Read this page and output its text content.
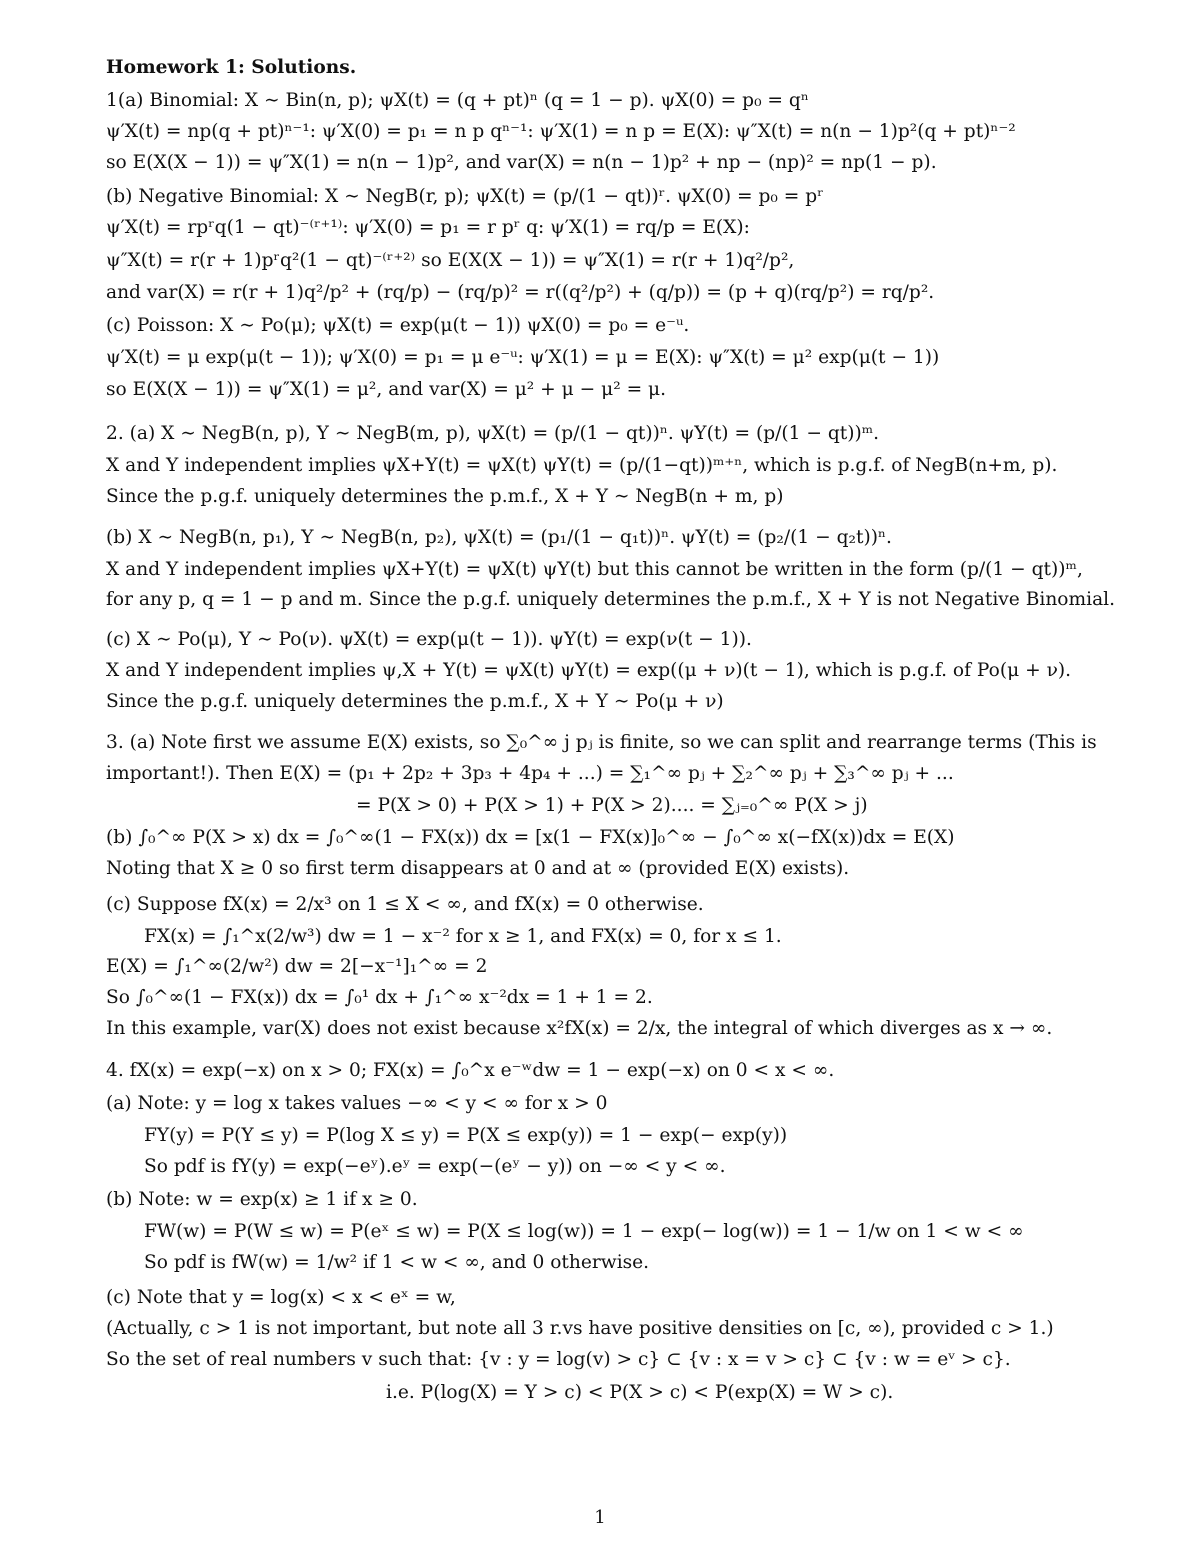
Homework 1: Solutions.
1(a) Binomial: X ∼ Bin(n, p); ψX(t) = (q + pt)ⁿ (q = 1 − p). ψX(0) = p₀ = qⁿ
ψ′X(t) = np(q + pt)ⁿ⁻¹: ψ′X(0) = p₁ = n p qⁿ⁻¹: ψ′X(1) = n p = E(X): ψ″X(t) = n(n − 1)p²(q + pt)ⁿ⁻²
so E(X(X − 1)) = ψ″X(1) = n(n − 1)p², and var(X) = n(n − 1)p² + np − (np)² = np(1 − p).
(b) Negative Binomial: X ∼ NegB(r, p); ψX(t) = (p/(1 − qt))ʳ. ψX(0) = p₀ = pʳ
ψ′X(t) = rpʳq(1 − qt)⁻⁽ʳ⁺¹⁾: ψ′X(0) = p₁ = r pʳ q: ψ′X(1) = rq/p = E(X):
ψ″X(t) = r(r + 1)pʳq²(1 − qt)⁻⁽ʳ⁺²⁾ so E(X(X − 1)) = ψ″X(1) = r(r + 1)q²/p²,
and var(X) = r(r + 1)q²/p² + (rq/p) − (rq/p)² = r((q²/p²) + (q/p)) = (p + q)(rq/p²) = rq/p².
(c) Poisson: X ∼ Po(μ); ψX(t) = exp(μ(t − 1)) ψX(0) = p₀ = e⁻ᵘ.
ψ′X(t) = μ exp(μ(t − 1)); ψ′X(0) = p₁ = μ e⁻ᵘ: ψ′X(1) = μ = E(X): ψ″X(t) = μ² exp(μ(t − 1))
so E(X(X − 1)) = ψ″X(1) = μ², and var(X) = μ² + μ − μ² = μ.
2. (a) X ∼ NegB(n, p), Y ∼ NegB(m, p), ψX(t) = (p/(1 − qt))ⁿ. ψY(t) = (p/(1 − qt))ᵐ.
X and Y independent implies ψX+Y(t) = ψX(t) ψY(t) = (p/(1−qt))ᵐ⁺ⁿ, which is p.g.f. of NegB(n+m, p).
Since the p.g.f. uniquely determines the p.m.f., X + Y ∼ NegB(n + m, p)
(b) X ∼ NegB(n, p₁), Y ∼ NegB(n, p₂), ψX(t) = (p₁/(1 − q₁t))ⁿ. ψY(t) = (p₂/(1 − q₂t))ⁿ.
X and Y independent implies ψX+Y(t) = ψX(t) ψY(t) but this cannot be written in the form (p/(1 − qt))ᵐ,
for any p, q = 1 − p and m. Since the p.g.f. uniquely determines the p.m.f., X + Y is not Negative Binomial.
(c) X ∼ Po(μ), Y ∼ Po(ν). ψX(t) = exp(μ(t − 1)). ψY(t) = exp(ν(t − 1)).
X and Y independent implies ψ,X + Y(t) = ψX(t) ψY(t) = exp((μ + ν)(t − 1), which is p.g.f. of Po(μ + ν).
Since the p.g.f. uniquely determines the p.m.f., X + Y ∼ Po(μ + ν)
3. (a) Note first we assume E(X) exists, so ∑₀^∞ j pⱼ is finite, so we can split and rearrange terms (This is
important!). Then E(X) = (p₁ + 2p₂ + 3p₃ + 4p₄ + ...) = ∑₁^∞ pⱼ + ∑₂^∞ pⱼ + ∑₃^∞ pⱼ + ...
= P(X > 0) + P(X > 1) + P(X > 2).... = ∑ⱼ₌₀^∞ P(X > j)
(b) ∫₀^∞ P(X > x) dx = ∫₀^∞(1 − FX(x)) dx = [x(1 − FX(x)]₀^∞ − ∫₀^∞ x(−fX(x))dx = E(X)
Noting that X ≥ 0 so first term disappears at 0 and at ∞ (provided E(X) exists).
(c) Suppose fX(x) = 2/x³ on 1 ≤ X < ∞, and fX(x) = 0 otherwise.
FX(x) = ∫₁^x(2/w³) dw = 1 − x⁻² for x ≥ 1, and FX(x) = 0, for x ≤ 1.
E(X) = ∫₁^∞(2/w²) dw = 2[−x⁻¹]₁^∞ = 2
So ∫₀^∞(1 − FX(x)) dx = ∫₀¹ dx + ∫₁^∞ x⁻²dx = 1 + 1 = 2.
In this example, var(X) does not exist because x²fX(x) = 2/x, the integral of which diverges as x → ∞.
4. fX(x) = exp(−x) on x > 0; FX(x) = ∫₀^x e⁻ʷdw = 1 − exp(−x) on 0 < x < ∞.
(a) Note: y = log x takes values −∞ < y < ∞ for x > 0
FY(y) = P(Y ≤ y) = P(log X ≤ y) = P(X ≤ exp(y)) = 1 − exp(− exp(y))
So pdf is fY(y) = exp(−eʸ).eʸ = exp(−(eʸ − y)) on −∞ < y < ∞.
(b) Note: w = exp(x) ≥ 1 if x ≥ 0.
FW(w) = P(W ≤ w) = P(eˣ ≤ w) = P(X ≤ log(w)) = 1 − exp(− log(w)) = 1 − 1/w on 1 < w < ∞
So pdf is fW(w) = 1/w² if 1 < w < ∞, and 0 otherwise.
(c) Note that y = log(x) < x < eˣ = w,
(Actually, c > 1 is not important, but note all 3 r.vs have positive densities on [c, ∞), provided c > 1.)
So the set of real numbers v such that: {v : y = log(v) > c} ⊂ {v : x = v > c} ⊂ {v : w = eᵛ > c}.
i.e. P(log(X) = Y > c) < P(X > c) < P(exp(X) = W > c).
1
